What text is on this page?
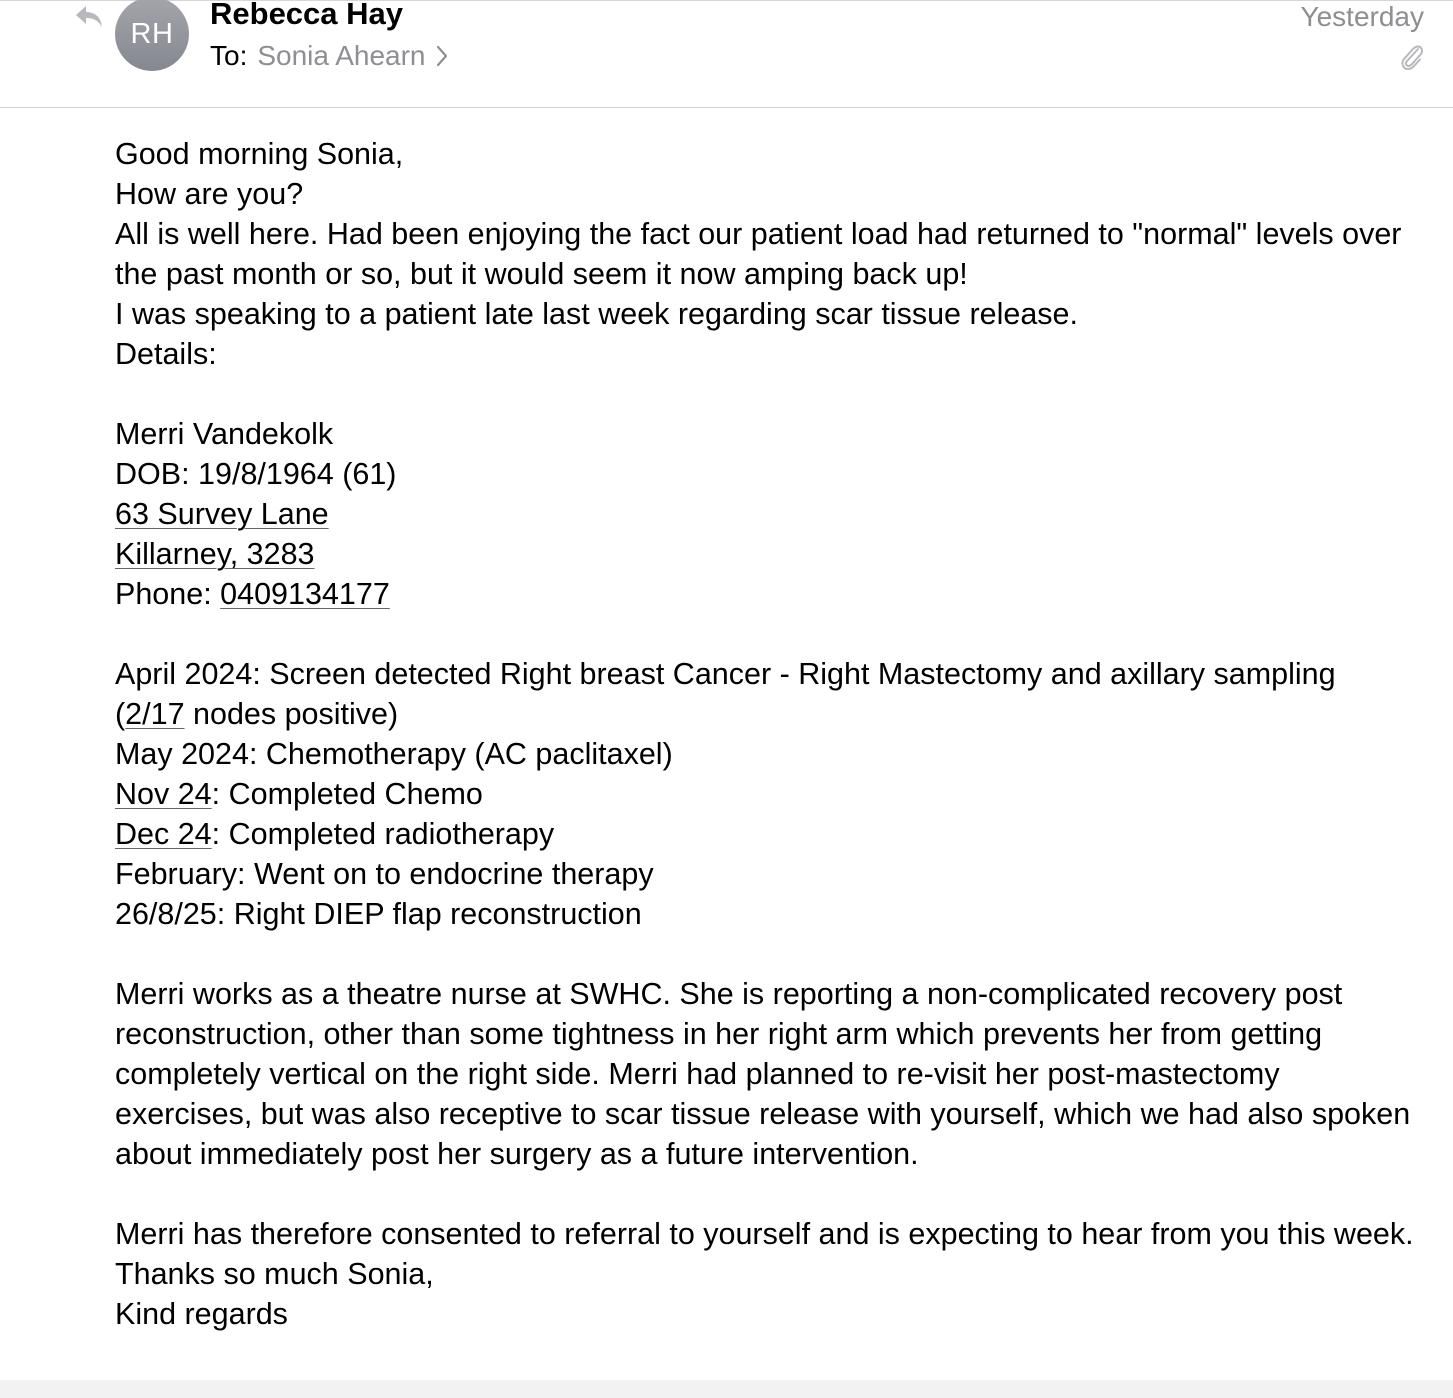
RH
Rebecca Hay
To: Sonia Ahearn
Yesterday
Good morning Sonia,
How are you?
All is well here. Had been enjoying the fact our patient load had returned to "normal" levels over the past month or so, but it would seem it now amping back up!
I was speaking to a patient late last week regarding scar tissue release.
Details:
Merri Vandekolk
DOB: 19/8/1964 (61)
63 Survey Lane
Killarney, 3283
Phone: 0409134177
April 2024: Screen detected Right breast Cancer - Right Mastectomy and axillary sampling
(2/17 nodes positive)
May 2024: Chemotherapy (AC paclitaxel)
Nov 24: Completed Chemo
Dec 24: Completed radiotherapy
February: Went on to endocrine therapy
26/8/25: Right DIEP flap reconstruction
Merri works as a theatre nurse at SWHC. She is reporting a non-complicated recovery post reconstruction, other than some tightness in her right arm which prevents her from getting completely vertical on the right side. Merri had planned to re-visit her post-mastectomy exercises, but was also receptive to scar tissue release with yourself, which we had also spoken about immediately post her surgery as a future intervention.
Merri has therefore consented to referral to yourself and is expecting to hear from you this week.
Thanks so much Sonia,
Kind regards
